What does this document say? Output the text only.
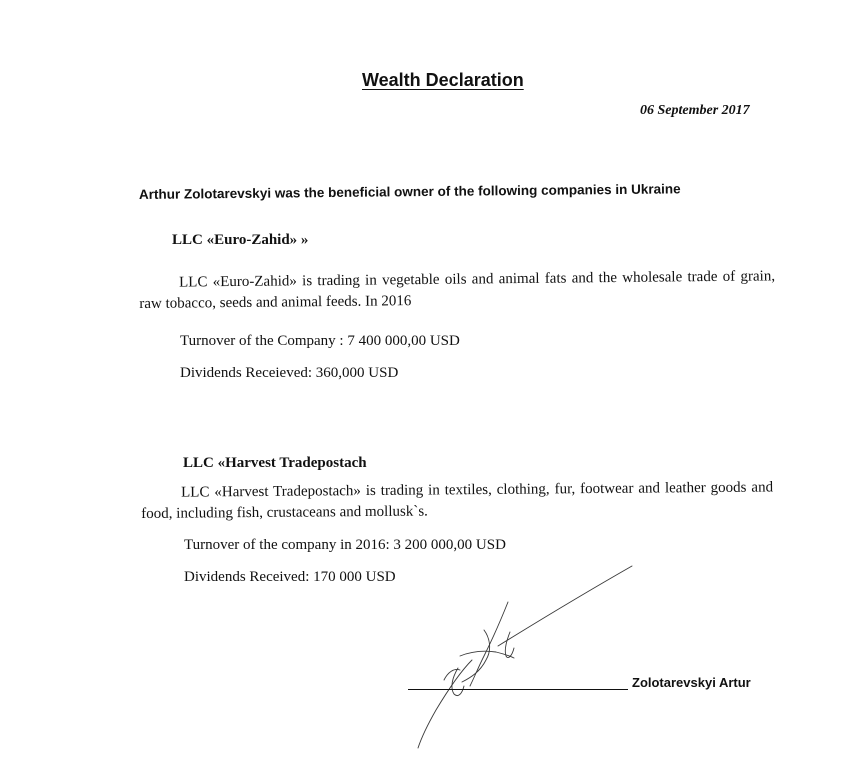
Wealth Declaration
06 September 2017
Arthur Zolotarevskyi was the beneficial owner of the following companies in Ukraine
LLC «Euro-Zahid» »
LLC «Euro-Zahid» is trading in vegetable oils and animal fats and the wholesale trade of grain, raw tobacco, seeds and animal feeds. In 2016
Turnover of the Company : 7 400 000,00 USD
Dividends Receieved: 360,000 USD
LLC «Harvest Tradepostach
LLC «Harvest Tradepostach» is trading in textiles, clothing, fur, footwear and leather goods and food, including fish, crustaceans and mollusk`s.
Turnover of the company in 2016: 3 200 000,00 USD
Dividends Received: 170 000 USD
Zolotarevskyi Artur
